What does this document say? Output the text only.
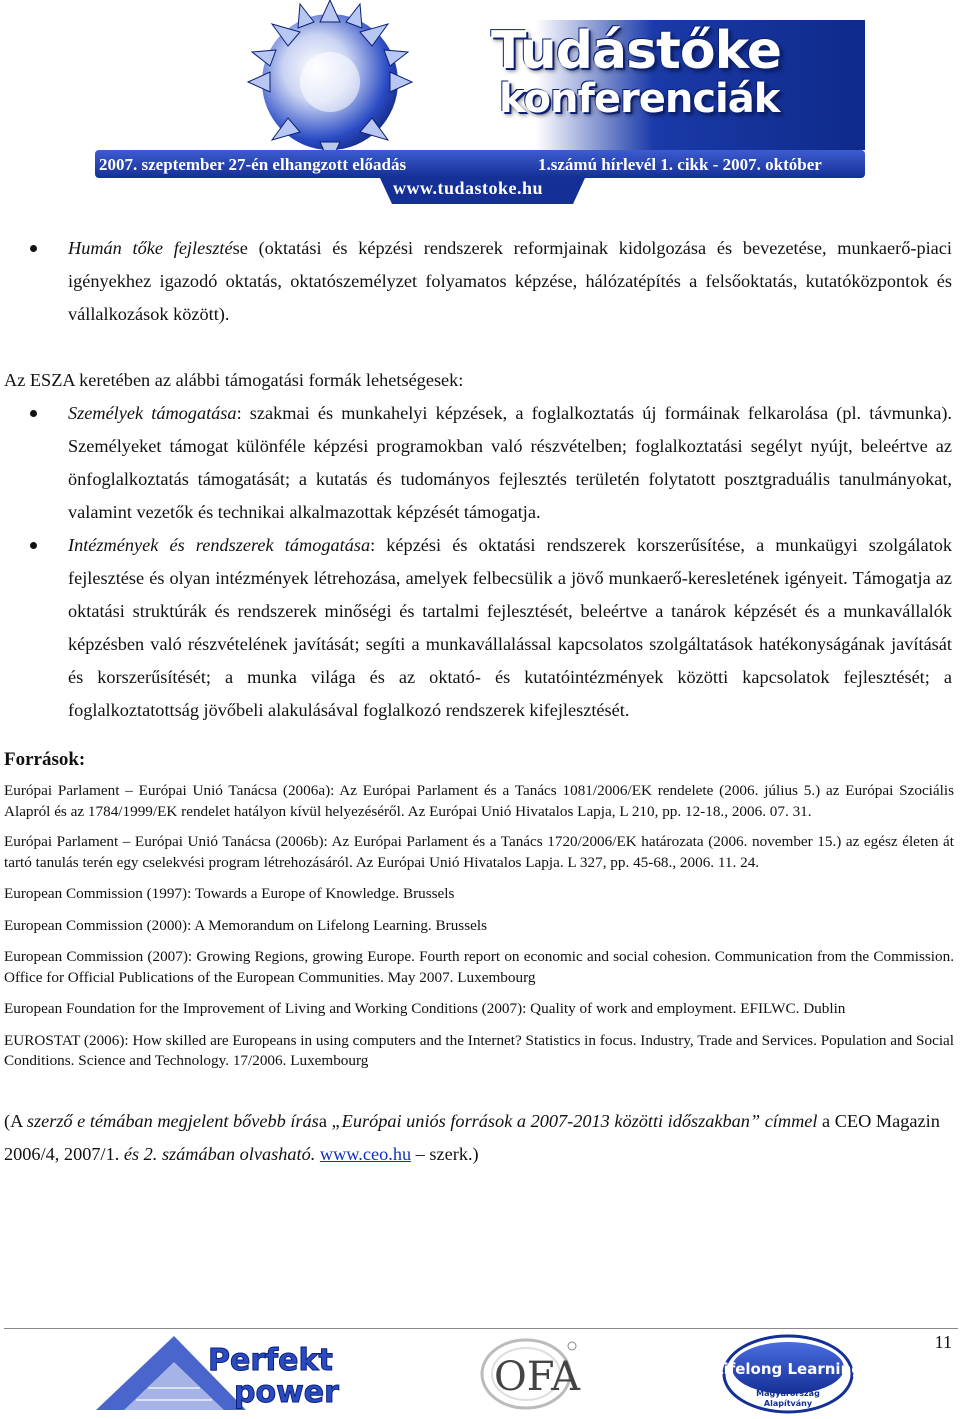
Tudástőke
konferenciák
2007. szeptember 27-én elhangzott előadás	1.számú hírlevél 1. cikk - 2007. október
www.tudastoke.hu

Humán tőke fejlesztése (oktatási és képzési rendszerek reformjainak kidolgozása és bevezetése, munkaerő-piaci igényekhez igazodó oktatás, oktatószemélyzet folyamatos képzése, hálózatépítés a felsőoktatás, kutatóközpontok és vállalkozások között).

Az ESZA keretében az alábbi támogatási formák lehetségesek:

Személyek támogatása: szakmai és munkahelyi képzések, a foglalkoztatás új formáinak felkarolása (pl. távmunka). Személyeket támogat különféle képzési programokban való részvételben; foglalkoztatási segélyt nyújt, beleértve az önfoglalkoztatás támogatását; a kutatás és tudományos fejlesztés területén folytatott posztgraduális tanulmányokat, valamint vezetők és technikai alkalmazottak képzését támogatja.

Intézmények és rendszerek támogatása: képzési és oktatási rendszerek korszerűsítése, a munkaügyi szolgálatok fejlesztése és olyan intézmények létrehozása, amelyek felbecsülik a jövő munkaerő-keresletének igényeit. Támogatja az oktatási struktúrák és rendszerek minőségi és tartalmi fejlesztését, beleértve a tanárok képzését és a munkavállalók képzésben való részvételének javítását; segíti a munkavállalással kapcsolatos szolgáltatások hatékonyságának javítását és korszerűsítését; a munka világa és az oktató- és kutatóintézmények közötti kapcsolatok fejlesztését; a foglalkoztatottság jövőbeli alakulásával foglalkozó rendszerek kifejlesztését.

Források:

Európai Parlament – Európai Unió Tanácsa (2006a): Az Európai Parlament és a Tanács 1081/2006/EK rendelete (2006. július 5.) az Európai Szociális Alapról és az 1784/1999/EK rendelet hatályon kívül helyezéséről. Az Európai Unió Hivatalos Lapja, L 210, pp. 12-18., 2006. 07. 31.

Európai Parlament – Európai Unió Tanácsa (2006b): Az Európai Parlament és a Tanács 1720/2006/EK határozata (2006. november 15.) az egész életen át tartó tanulás terén egy cselekvési program létrehozásáról. Az Európai Unió Hivatalos Lapja. L 327, pp. 45-68., 2006. 11. 24.

European Commission (1997): Towards a Europe of Knowledge. Brussels

European Commission (2000): A Memorandum on Lifelong Learning. Brussels

European Commission (2007): Growing Regions, growing Europe. Fourth report on economic and social cohesion. Communication from the Commission. Office for Official Publications of the European Communities. May 2007. Luxembourg

European Foundation for the Improvement of Living and Working Conditions (2007): Quality of work and employment. EFILWC. Dublin

EUROSTAT (2006): How skilled are Europeans in using computers and the Internet? Statistics in focus. Industry, Trade and Services. Population and Social Conditions. Science and Technology. 17/2006. Luxembourg

(A szerző e témában megjelent bővebb írása „Európai uniós források a 2007-2013 közötti időszakban” címmel a CEO Magazin 2006/4, 2007/1. és 2. számában olvasható. www.ceo.hu – szerk.)

11
Perfekt
power	OFA	Lifelong Learning
Magyarország
Alapítvány
